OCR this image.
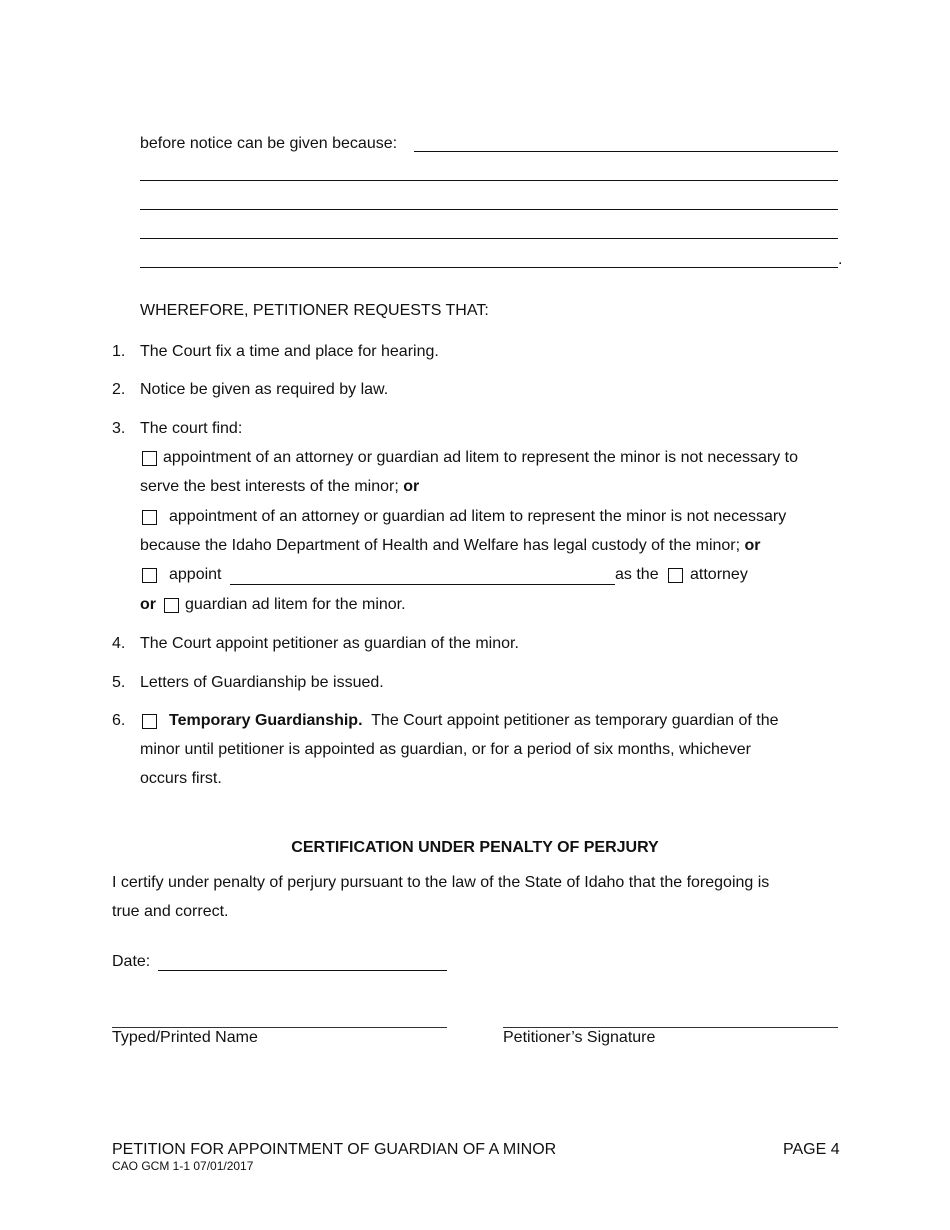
before notice can be given because:
.
WHEREFORE, PETITIONER REQUESTS THAT:
1. The Court fix a time and place for hearing.
2. Notice be given as required by law.
3. The court find:
appointment of an attorney or guardian ad litem to represent the minor is not necessary to
serve the best interests of the minor; or
appointment of an attorney or guardian ad litem to represent the minor is not necessary
because the Idaho Department of Health and Welfare has legal custody of the minor; or
appoint	as the attorney
or guardian ad litem for the minor.
4. The Court appoint petitioner as guardian of the minor.
5. Letters of Guardianship be issued.
6.	Temporary Guardianship. The Court appoint petitioner as temporary guardian of the
minor until petitioner is appointed as guardian, or for a period of six months, whichever
occurs first.
CERTIFICATION UNDER PENALTY OF PERJURY
I certify under penalty of perjury pursuant to the law of the State of Idaho that the foregoing is
true and correct.
Date:
Typed/Printed Name	Petitioner’s Signature
PETITION FOR APPOINTMENT OF GUARDIAN OF A MINOR
CAO GCM 1-1 07/01/2017
PAGE 4
